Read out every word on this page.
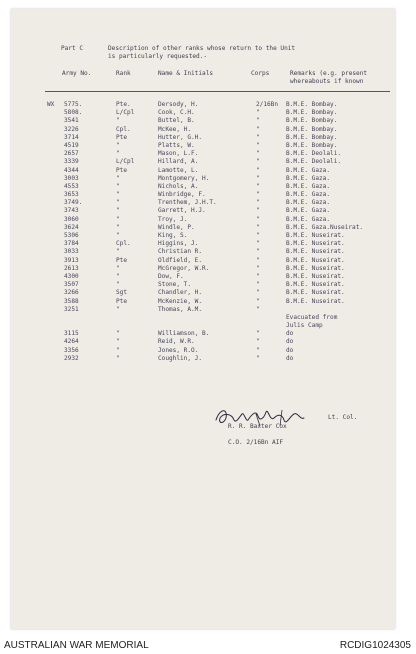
Part C	Description of other ranks whose return to the Unit
is particularly requested.-
Army No.	Rank	Name & Initials	Corps	Remarks (e.g. present
whereabouts if known
WX 5775.	Pte.	Dersody, H.	2/16Bn B.M.E. Bombay.
5808.	L/Cpl	Cook, C.H.	"	B.M.E. Bombay.
3541	"	Buttel, B.	"	B.M.E. Bombay.
3226	Cpl.	McKee, H.	"	B.M.E. Bombay.
3714	Pte	Hutter, G.H.	"	B.M.E. Bombay.
4519	"	Platts, W.	"	B.M.E. Bombay.
2657	"	Mason, L.F.	"	B.M.E. Deolali.
3339	L/Cpl	Hillard, A.	"	B.M.E. Deolali.
4344	Pte	Lamotte, L.	"	B.M.E. Gaza.
3003	"	Montgomery, H.	"	B.M.E. Gaza.
4553	"	Nichols, A.	"	B.M.E. Gaza.
3653	"	Winbridge, F.	"	B.M.E. Gaza.
3749.	"	Trenthem, J.H.T.	"	B.M.E. Gaza.
3743	"	Garrett, H.J.	"	B.M.E. Gaza.
3060	"	Troy, J.	"	B.M.E. Gaza.
3624	"	Windle, P.	"	B.M.E. Gaza.Nuseirat.
5306	"	King, S.	"	B.M.E. Nuseirat.
3784	Cpl.	Higgins, J.	"	B.M.E. Nuseirat.
3033	"	Christian R.	"	B.M.E. Nuseirat.
3913	Pte	Oldfield, E.	"	B.M.E. Nuseirat.
2613	"	McGregor, W.R.	"	B.M.E. Nuseirat.
4300	"	Dow, F.	"	B.M.E. Nuseirat.
3507	"	Stone, T.	"	B.M.E. Nuseirat.
3266	Sgt	Chandler, H.	"	B.M.E. Nuseirat.
3588	Pte	McKenzie, W.	"	B.M.E. Nuseirat.
3251	"	Thomas, A.M.	"
Evacuated from
Julis Camp
3115	"	Williamson, B.	"	do
4264	"	Reid, W.R.	"	do
3356	"	Jones, R.O.	"	do
2932	"	Coughlin, J.	"	do
Lt. Col.
R. R. Baxter Cox
C.O. 2/16Bn AIF
AUSTRALIAN WAR MEMORIAL	RCDIG1024305
